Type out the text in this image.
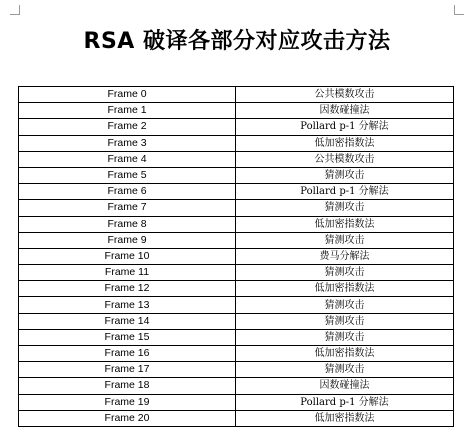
RSA 破译各部分对应攻击方法
Frame 0	公共模数攻击
Frame 1	因数碰撞法
Frame 2	Pollard p-1 分解法
Frame 3	低加密指数法
Frame 4	公共模数攻击
Frame 5	猜测攻击
Frame 6	Pollard p-1 分解法
Frame 7	猜测攻击
Frame 8	低加密指数法
Frame 9	猜测攻击
Frame 10	费马分解法
Frame 11	猜测攻击
Frame 12	低加密指数法
Frame 13	猜测攻击
Frame 14	猜测攻击
Frame 15	猜测攻击
Frame 16	低加密指数法
Frame 17	猜测攻击
Frame 18	因数碰撞法
Frame 19	Pollard p-1 分解法
Frame 20	低加密指数法
